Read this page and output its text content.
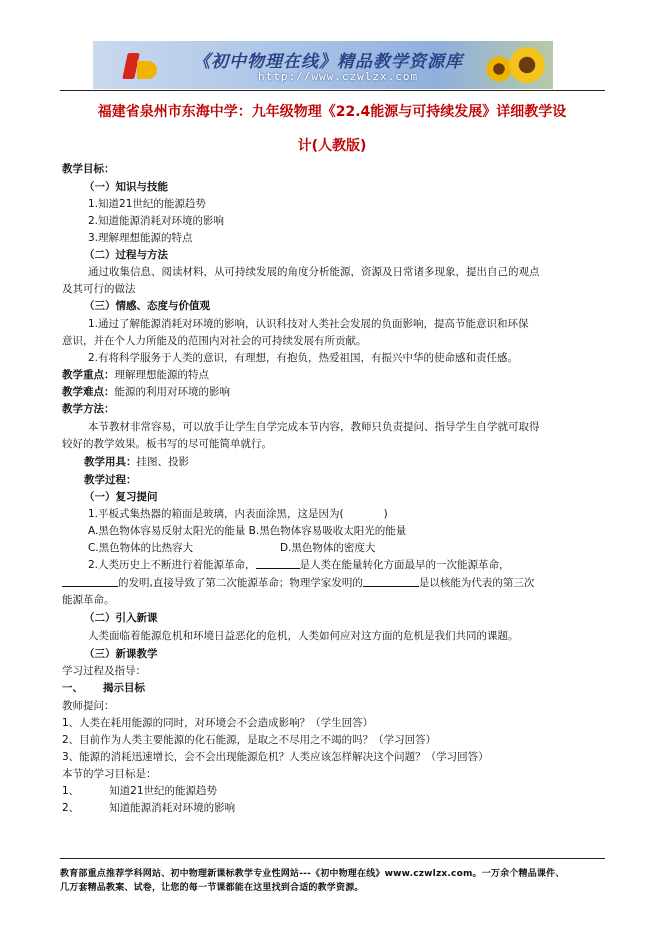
《初中物理在线》精品教学资源库
http://www.czwlzx.com
福建省泉州市东海中学：九年级物理《22.4能源与可持续发展》详细教学设
计(人教版)
教学目标：
（一）知识与技能
1.知道21世纪的能源趋势
2.知道能源消耗对环境的影响
3.理解理想能源的特点
（二）过程与方法
通过收集信息、阅读材料，从可持续发展的角度分析能源，资源及日常诸多现象，提出自己的观点
及其可行的做法
（三）情感、态度与价值观
1.通过了解能源消耗对环境的影响，认识科技对人类社会发展的负面影响，提高节能意识和环保
意识，并在个人力所能及的范围内对社会的可持续发展有所贡献。
2.有将科学服务于人类的意识，有理想，有抱负，热爱祖国，有振兴中华的使命感和责任感。
教学重点：理解理想能源的特点
教学难点：能源的利用对环境的影响
教学方法：
本节教材非常容易，可以放手让学生自学完成本节内容，教师只负责提问、指导学生自学就可取得
较好的教学效果。板书写的尽可能简单就行。
教学用具：挂图、投影
教学过程：
（一）复习提问
1.平板式集热器的箱面是玻璃，内表面涂黑，这是因为(	)
A.黑色物体容易反射太阳光的能量 B.黑色物体容易吸收太阳光的能量
C.黑色物体的比热容大	D.黑色物体的密度大
2.人类历史上不断进行着能源革命，	是人类在能量转化方面最早的一次能源革命，
的发明,直接导致了第二次能源革命；物理学家发明的	是以核能为代表的第三次
能源革命。
（二）引入新课
人类面临着能源危机和环境日益恶化的危机，人类如何应对这方面的危机是我们共同的课题。
（三）新课教学
学习过程及指导：
一、 揭示目标
教师提问：
1、人类在耗用能源的同时，对环境会不会造成影响？（学生回答）
2、目前作为人类主要能源的化石能源，是取之不尽用之不竭的吗？（学习回答）
3、能源的消耗迅速增长，会不会出现能源危机？人类应该怎样解决这个问题？（学习回答）
本节的学习目标是：
1、	知道21世纪的能源趋势
2、	知道能源消耗对环境的影响
教育部重点推荐学科网站、初中物理新课标教学专业性网站---《初中物理在线》www.czwlzx.com。一万余个精品课件、
几万套精品教案、试卷，让您的每一节课都能在这里找到合适的教学资源。
